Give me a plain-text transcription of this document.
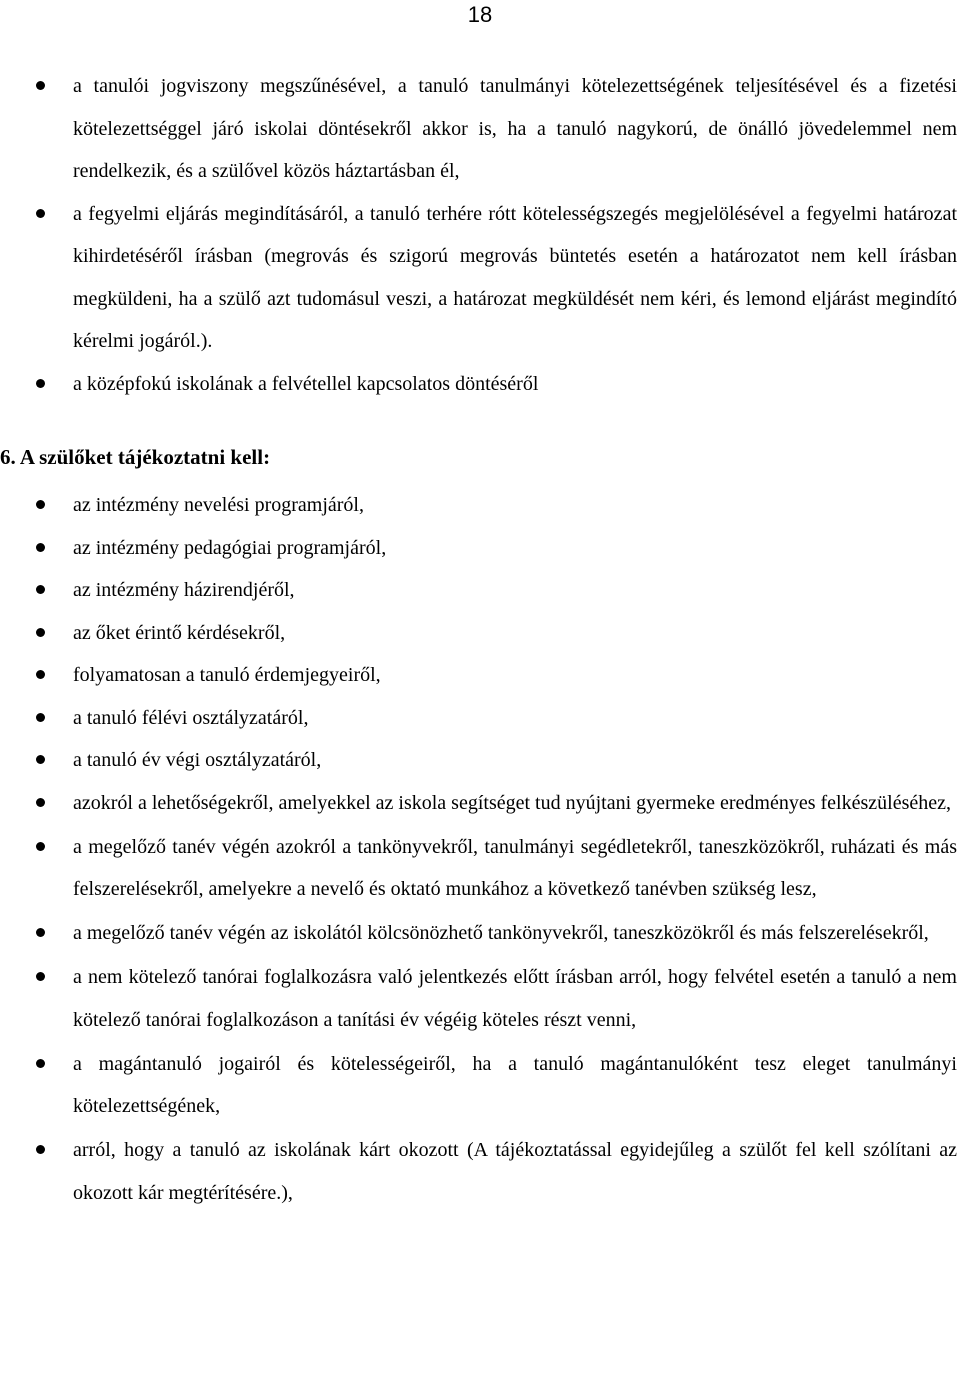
18
a tanulói jogviszony megszűnésével, a tanuló tanulmányi kötelezettségének teljesítésével és a fizetési kötelezettséggel járó iskolai döntésekről akkor is, ha a tanuló nagykorú, de önálló jövedelemmel nem rendelkezik, és a szülővel közös háztartásban él,
a fegyelmi eljárás megindításáról, a tanuló terhére rótt kötelességszegés megjelölésével a fegyelmi határozat kihirdetéséről írásban (megrovás és szigorú megrovás büntetés esetén a határozatot nem kell írásban megküldeni, ha a szülő azt tudomásul veszi, a határozat megküldését nem kéri, és lemond eljárást megindító kérelmi jogáról.).
a középfokú iskolának a felvétellel kapcsolatos döntéséről

6. A szülőket tájékoztatni kell:

az intézmény nevelési programjáról,
az intézmény pedagógiai programjáról,
az intézmény házirendjéről,
az őket érintő kérdésekről,
folyamatosan a tanuló érdemjegyeiről,
a tanuló félévi osztályzatáról,
a tanuló év végi osztályzatáról,
azokról a lehetőségekről, amelyekkel az iskola segítséget tud nyújtani gyermeke eredményes felkészüléséhez,
a megelőző tanév végén azokról a tankönyvekről, tanulmányi segédletekről, taneszközökről, ruházati és más felszerelésekről, amelyekre a nevelő és oktató munkához a következő tanévben szükség lesz,
a megelőző tanév végén az iskolától kölcsönözhető tankönyvekről, taneszközökről és más felszerelésekről,
a nem kötelező tanórai foglalkozásra való jelentkezés előtt írásban arról, hogy felvétel esetén a tanuló a nem kötelező tanórai foglalkozáson a tanítási év végéig köteles részt venni,
a magántanuló jogairól és kötelességeiről, ha a tanuló magántanulóként tesz eleget tanulmányi kötelezettségének,
arról, hogy a tanuló az iskolának kárt okozott (A tájékoztatással egyidejűleg a szülőt fel kell szólítani az okozott kár megtérítésére.),
